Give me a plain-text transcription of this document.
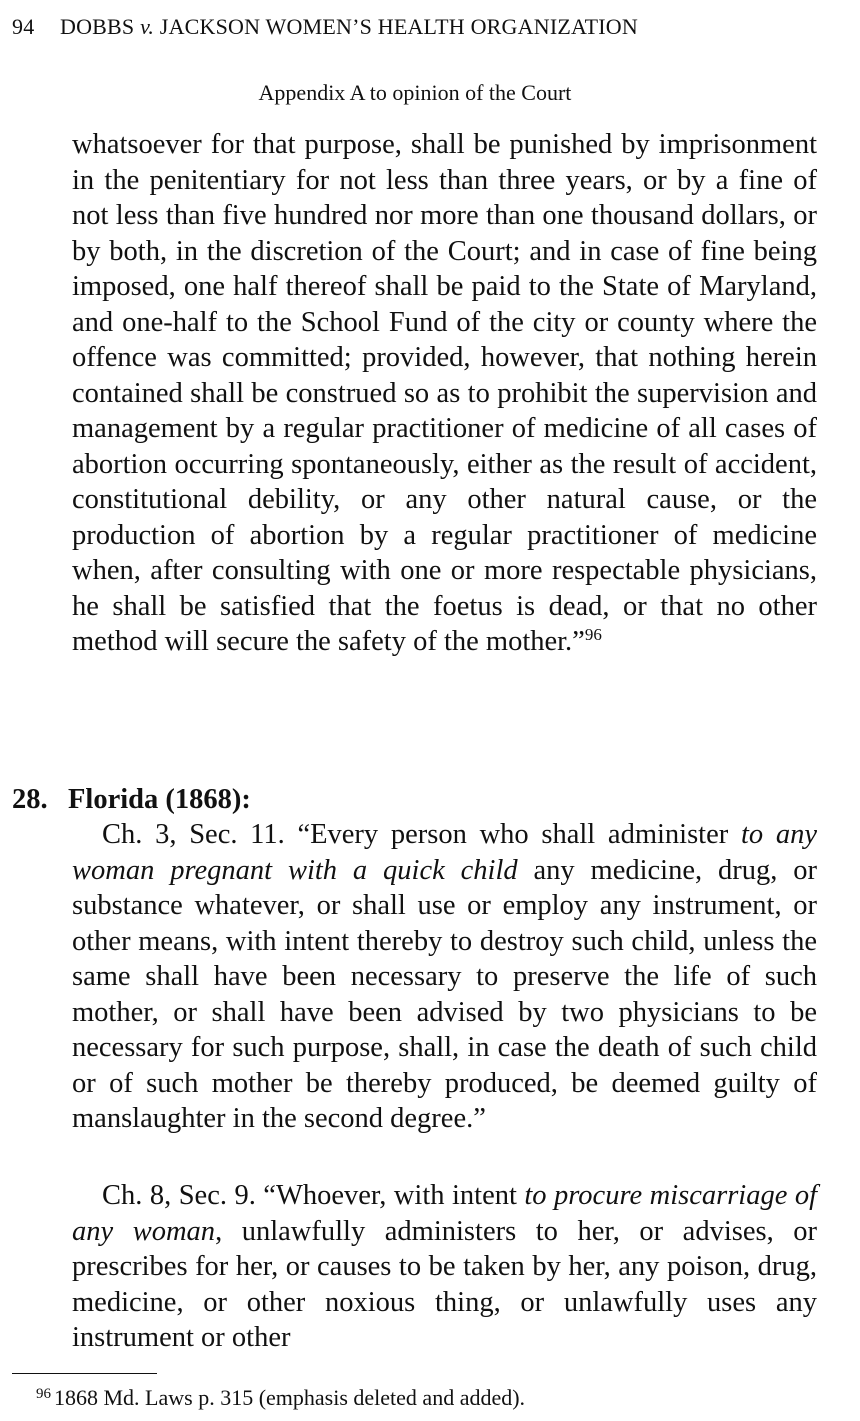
94 DOBBS v. JACKSON WOMEN’S HEALTH ORGANIZATION
Appendix A to opinion of the Court

whatsoever for that purpose, shall be punished by imprisonment in the penitentiary for not less than three years, or by a fine of not less than five hundred nor more than one thousand dollars, or by both, in the discretion of the Court; and in case of fine being imposed, one half thereof shall be paid to the State of Maryland, and one-half to the School Fund of the city or county where the offence was committed; provided, however, that nothing herein contained shall be construed so as to prohibit the supervision and management by a regular practitioner of medicine of all cases of abortion occurring spontaneously, either as the result of accident, constitutional debility, or any other natural cause, or the production of abortion by a regular practitioner of medicine when, after consulting with one or more respectable physicians, he shall be satisfied that the foetus is dead, or that no other method will secure the safety of the mother.”$^{96}$

28. Florida (1868):

Ch. 3, Sec. 11. “Every person who shall administer to any woman pregnant with a quick child any medicine, drug, or substance whatever, or shall use or employ any instrument, or other means, with intent thereby to destroy such child, unless the same shall have been necessary to preserve the life of such mother, or shall have been advised by two physicians to be necessary for such purpose, shall, in case the death of such child or of such mother be thereby produced, be deemed guilty of manslaughter in the second degree.”

Ch. 8, Sec. 9. “Whoever, with intent to procure miscarriage of any woman, unlawfully administers to her, or advises, or prescribes for her, or causes to be taken by her, any poison, drug, medicine, or other noxious thing, or unlawfully uses any instrument or other

$^{96}$ 1868 Md. Laws p. 315 (emphasis deleted and added).
